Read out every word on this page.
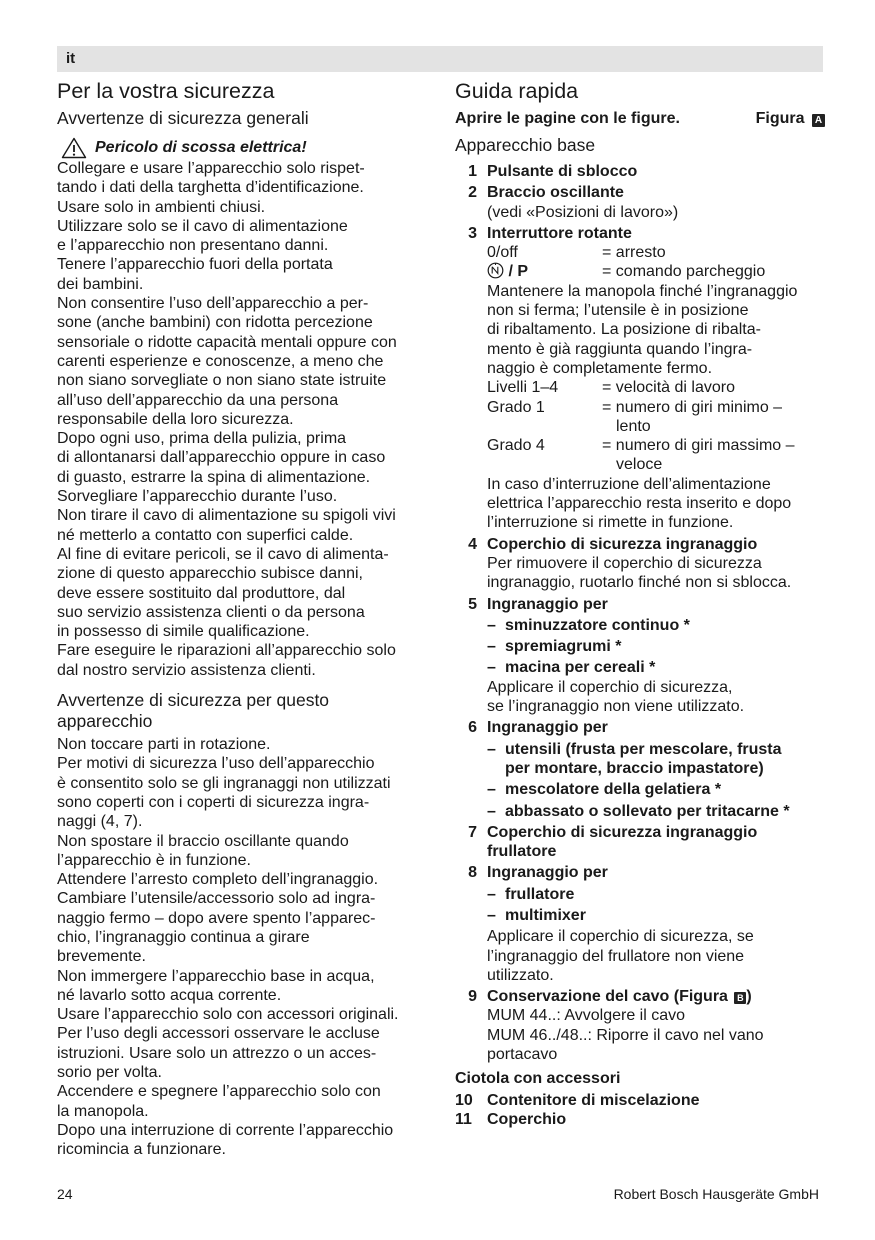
it
Per la vostra sicurezza
Avvertenze di sicurezza generali
Pericolo di scossa elettrica!
Collegare e usare l’apparecchio solo rispet-
tando i dati della targhetta d’identificazione.
Usare solo in ambienti chiusi.
Utilizzare solo se il cavo di alimentazione
e l’apparecchio non presentano danni.
Tenere l’apparecchio fuori della portata
dei bambini.
Non consentire l’uso dell’apparecchio a per-
sone (anche bambini) con ridotta percezione
sensoriale o ridotte capacità mentali oppure con
carenti esperienze e conoscenze, a meno che
non siano sorvegliate o non siano state istruite
all’uso dell’apparecchio da una persona
responsabile della loro sicurezza.
Dopo ogni uso, prima della pulizia, prima
di allontanarsi dall’apparecchio oppure in caso
di guasto, estrarre la spina di alimentazione.
Sorvegliare l’apparecchio durante l’uso.
Non tirare il cavo di alimentazione su spigoli vivi
né metterlo a contatto con superfici calde.
Al fine di evitare pericoli, se il cavo di alimenta-
zione di questo apparecchio subisce danni,
deve essere sostituito dal produttore, dal
suo servizio assistenza clienti o da persona
in possesso di simile qualificazione.
Fare eseguire le riparazioni all’apparecchio solo
dal nostro servizio assistenza clienti.
Avvertenze di sicurezza per questo
apparecchio
Non toccare parti in rotazione.
Per motivi di sicurezza l’uso dell’apparecchio
è consentito solo se gli ingranaggi non utilizzati
sono coperti con i coperti di sicurezza ingra-
naggi (4, 7).
Non spostare il braccio oscillante quando
l’apparecchio è in funzione.
Attendere l’arresto completo dell’ingranaggio.
Cambiare l’utensile/accessorio solo ad ingra-
naggio fermo – dopo avere spento l’apparec-
chio, l’ingranaggio continua a girare
brevemente.
Non immergere l’apparecchio base in acqua,
né lavarlo sotto acqua corrente.
Usare l’apparecchio solo con accessori originali.
Per l’uso degli accessori osservare le accluse
istruzioni. Usare solo un attrezzo o un acces-
sorio per volta.
Accendere e spegnere l’apparecchio solo con
la manopola.
Dopo una interruzione di corrente l’apparecchio
ricomincia a funzionare.
Guida rapida
Aprire le pagine con le figure.	Figura A
Apparecchio base
1 Pulsante di sblocco
2 Braccio oscillante
(vedi «Posizioni di lavoro»)
3 Interruttore rotante
0/off	= arresto
/ P	= comando parcheggio
Mantenere la manopola finché l’ingranaggio
non si ferma; l’utensile è in posizione
di ribaltamento. La posizione di ribalta-
mento è già raggiunta quando l’ingra-
naggio è completamente fermo.
Livelli 1–4	= velocità di lavoro
Grado 1	= numero di giri minimo –
lento
Grado 4	= numero di giri massimo –
veloce
In caso d’interruzione dell’alimentazione
elettrica l’apparecchio resta inserito e dopo
l’interruzione si rimette in funzione.
4 Coperchio di sicurezza ingranaggio
Per rimuovere il coperchio di sicurezza
ingranaggio, ruotarlo finché non si sblocca.
5 Ingranaggio per
– sminuzzatore continuo *
– spremiagrumi *
– macina per cereali *
Applicare il coperchio di sicurezza,
se l’ingranaggio non viene utilizzato.
6 Ingranaggio per
– utensili (frusta per mescolare, frusta
per montare, braccio impastatore)
– mescolatore della gelatiera *
– abbassato o sollevato per tritacarne *
7 Coperchio di sicurezza ingranaggio
frullatore
8 Ingranaggio per
– frullatore
– multimixer
Applicare il coperchio di sicurezza, se
l’ingranaggio del frullatore non viene
utilizzato.
9 Conservazione del cavo (Figura B )
MUM 44..: Avvolgere il cavo
MUM 46../48..: Riporre il cavo nel vano
portacavo
Ciotola con accessori
10 Contenitore di miscelazione
11 Coperchio
24	Robert Bosch Hausgeräte GmbH
